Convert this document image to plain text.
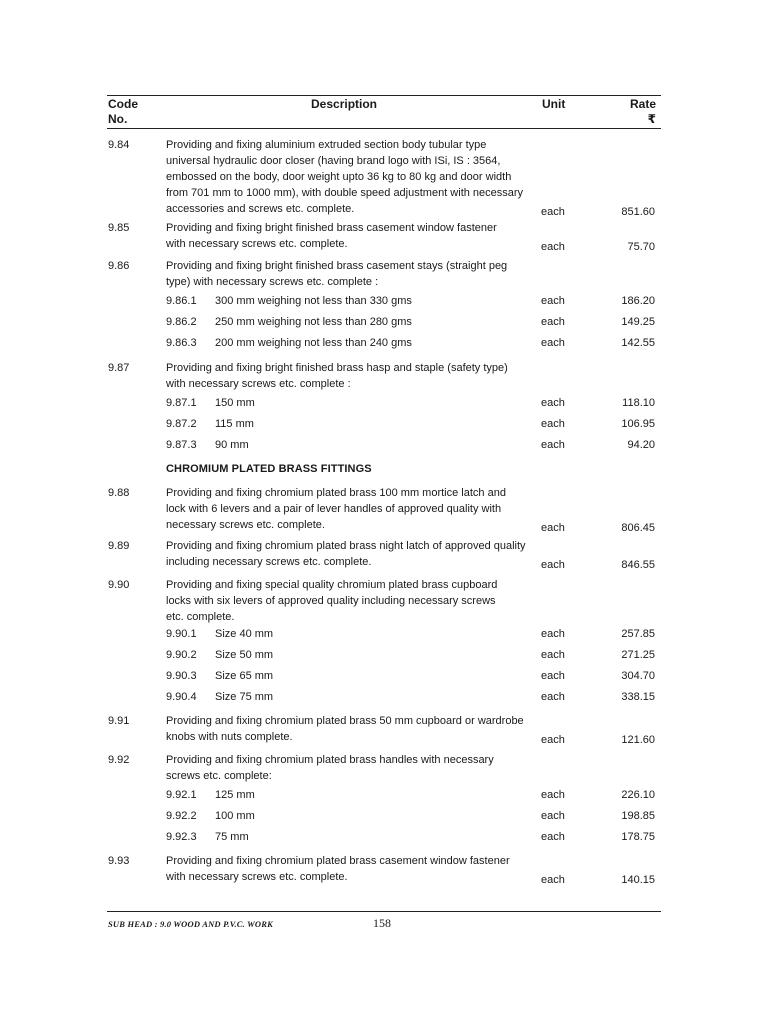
Code
No.
Description	Unit	Rate
₹
9.84	Providing and fixing aluminium extruded section body tubular type
universal hydraulic door closer (having brand logo with ISi, IS : 3564,
embossed on the body, door weight upto 36 kg to 80 kg and door width
from 701 mm to 1000 mm), with double speed adjustment with necessary
accessories and screws etc. complete.	each	851.60
9.85	Providing and fixing bright finished brass casement window fastener
with necessary screws etc. complete.	each	75.70
9.86	Providing and fixing bright finished brass casement stays (straight peg
type) with necessary screws etc. complete :
9.86.1 300 mm weighing not less than 330 gms	each	186.20
9.86.2 250 mm weighing not less than 280 gms	each	149.25
9.86.3 200 mm weighing not less than 240 gms	each	142.55
9.87	Providing and fixing bright finished brass hasp and staple (safety type)
with necessary screws etc. complete :
9.87.1 150 mm	each	118.10
9.87.2 115 mm	each	106.95
9.87.3 90 mm	each	94.20
CHROMIUM PLATED BRASS FITTINGS
9.88	Providing and fixing chromium plated brass 100 mm mortice latch and
lock with 6 levers and a pair of lever handles of approved quality with
necessary screws etc. complete.	each	806.45
9.89	Providing and fixing chromium plated brass night latch of approved quality
including necessary screws etc. complete.	each	846.55
9.90	Providing and fixing special quality chromium plated brass cupboard
locks with six levers of approved quality including necessary screws
etc. complete.
9.90.1 Size 40 mm	each	257.85
9.90.2 Size 50 mm	each	271.25
9.90.3 Size 65 mm	each	304.70
9.90.4 Size 75 mm	each	338.15
9.91	Providing and fixing chromium plated brass 50 mm cupboard or wardrobe
knobs with nuts complete.	each	121.60
9.92	Providing and fixing chromium plated brass handles with necessary
screws etc. complete:
9.92.1 125 mm	each	226.10
9.92.2 100 mm	each	198.85
9.92.3 75 mm	each	178.75
9.93	Providing and fixing chromium plated brass casement window fastener
with necessary screws etc. complete.	each	140.15
SUB HEAD : 9.0 WOOD AND P.V.C. WORK	158
